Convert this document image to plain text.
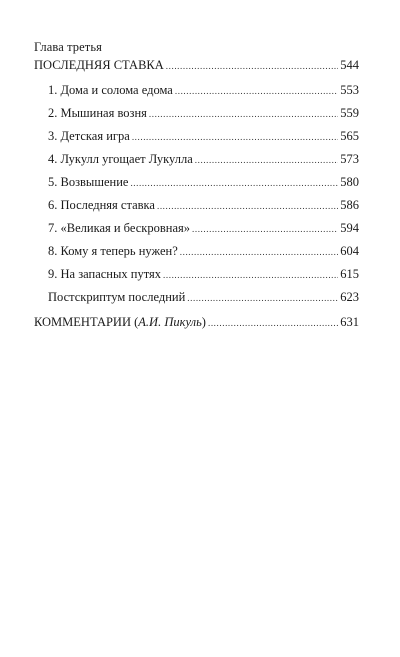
Глава третья
ПОСЛЕДНЯЯ СТАВКА .....	544
1. Дома и солома едома .....	553
2. Мышиная возня .....	559
3. Детская игра .....	565
4. Лукулл угощает Лукулла .....	573
5. Возвышение .....	580
6. Последняя ставка .....	586
7. «Великая и бескровная» .....	594
8. Кому я теперь нужен? .....	604
9. На запасных путях .....	615
Постскриптум последний .....	623
КОММЕНТАРИИ (А.И. Пикуль) .....	631
